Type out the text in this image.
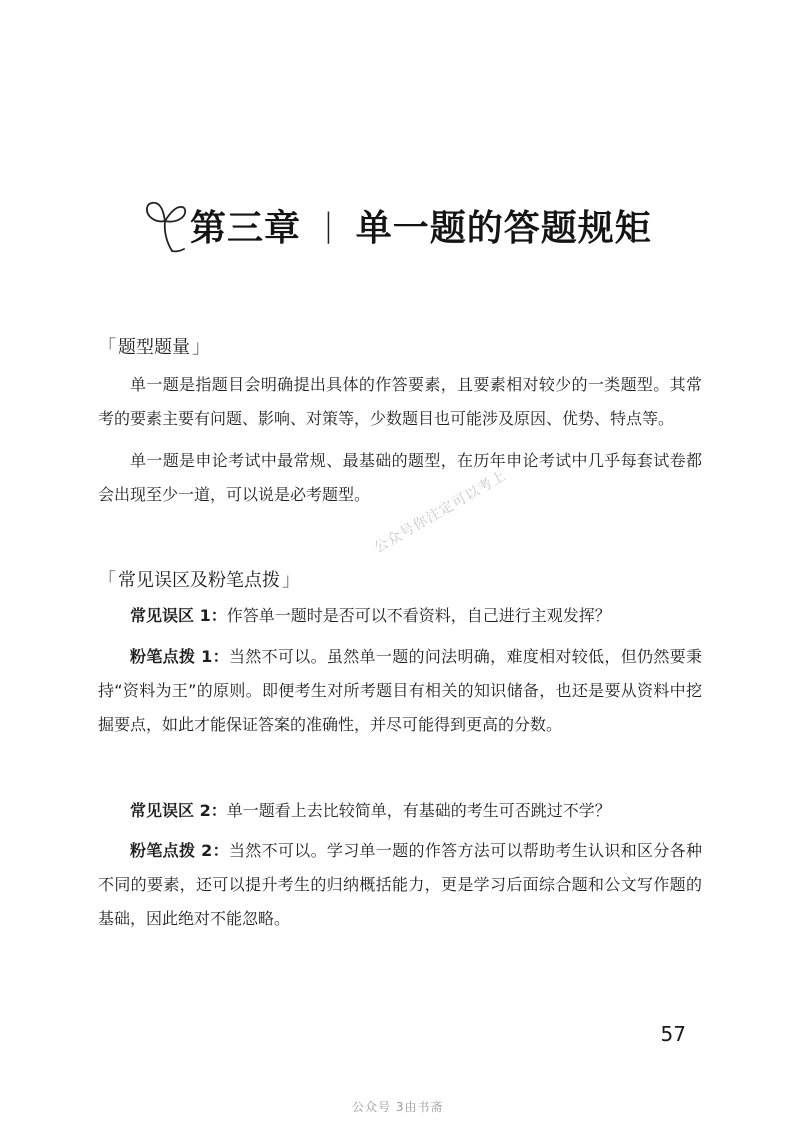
第三章 | 单一题的答题规矩
「 题型题量 」

单一题是指题目会明确提出具体的作答要素，且要素相对较少的一类题型。其常考的要素主要有问题、影响、对策等，少数题目也可能涉及原因、优势、特点等。

单一题是申论考试中最常规、最基础的题型，在历年申论考试中几乎每套试卷都会出现至少一道，可以说是必考题型。

「 常见误区及粉笔点拨 」
公众号你注定可以考上

常见误区 1：作答单一题时是否可以不看资料，自己进行主观发挥？

粉笔点拨 1：当然不可以。虽然单一题的问法明确，难度相对较低，但仍然要秉持“资料为王”的原则。即便考生对所考题目有相关的知识储备，也还是要从资料中挖掘要点，如此才能保证答案的准确性，并尽可能得到更高的分数。

常见误区 2：单一题看上去比较简单，有基础的考生可否跳过不学？

粉笔点拨 2：当然不可以。学习单一题的作答方法可以帮助考生认识和区分各种不同的要素，还可以提升考生的归纳概括能力，更是学习后面综合题和公文写作题的基础，因此绝对不能忽略。

57
公众号 3由书斋
